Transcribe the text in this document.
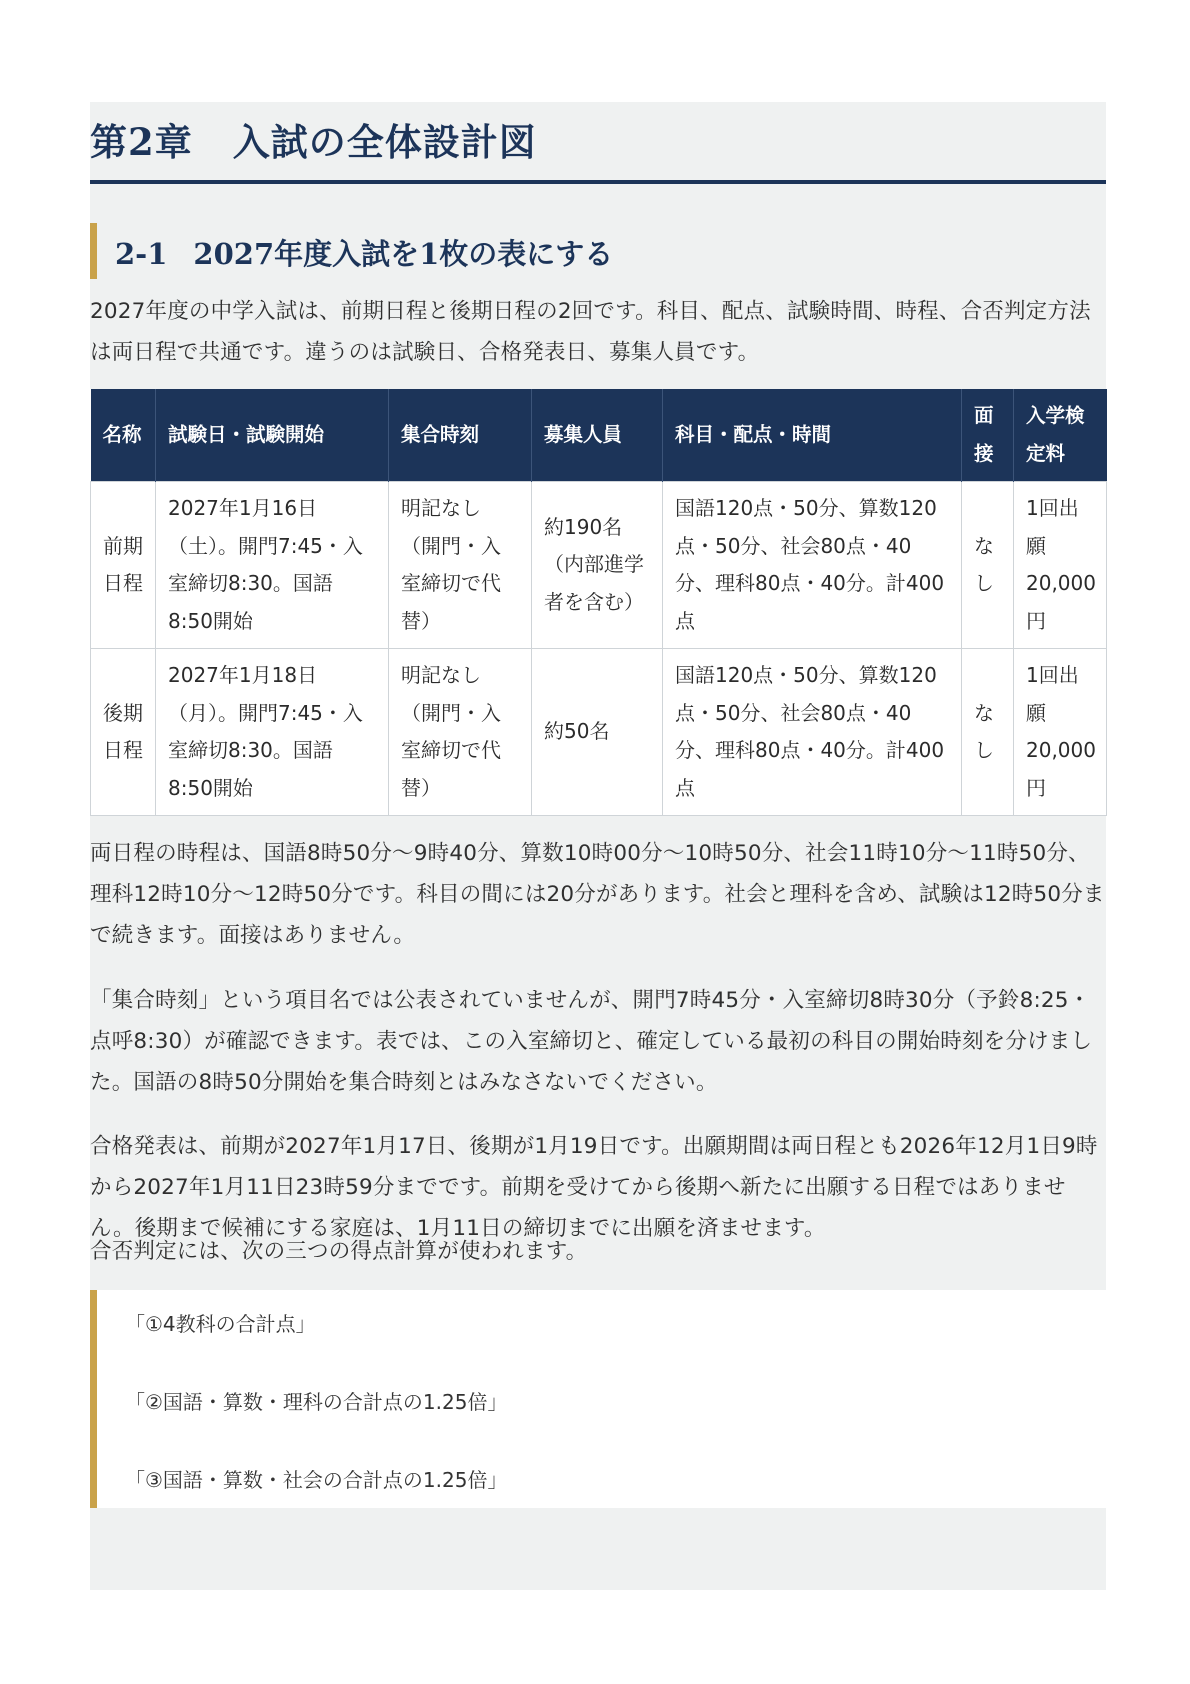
第2章 入試の全体設計図
2-1 2027年度入試を1枚の表にする

2027年度の中学入試は、前期日程と後期日程の2回です。科目、配点、試験時間、時程、合否判定方法は両日程で共通です。違うのは試験日、合格発表日、募集人員です。

名称	試験日・試験開始	集合時刻	募集人員	科目・配点・時間	面接	入学検定料
前期日程	2027年1月16日（土）。開門7:45・入室締切8:30。国語8:50開始	明記なし（開門・入室締切で代替）	約190名（内部進学者を含む）	国語120点・50分、算数120点・50分、社会80点・40分、理科80点・40分。計400点	なし	1回出願20,000円
後期日程	2027年1月18日（月）。開門7:45・入室締切8:30。国語8:50開始	明記なし（開門・入室締切で代替）	約50名	国語120点・50分、算数120点・50分、社会80点・40分、理科80点・40分。計400点	なし	1回出願20,000円

両日程の時程は、国語8時50分〜9時40分、算数10時00分〜10時50分、社会11時10分〜11時50分、理科12時10分〜12時50分です。科目の間には20分があります。社会と理科を含め、試験は12時50分まで続きます。面接はありません。

「集合時刻」という項目名では公表されていませんが、開門7時45分・入室締切8時30分（予鈴8:25・点呼8:30）が確認できます。表では、この入室締切と、確定している最初の科目の開始時刻を分けました。国語の8時50分開始を集合時刻とはみなさないでください。

合格発表は、前期が2027年1月17日、後期が1月19日です。出願期間は両日程とも2026年12月1日9時から2027年1月11日23時59分までです。前期を受けてから後期へ新たに出願する日程ではありません。後期まで候補にする家庭は、1月11日の締切までに出願を済ませます。

合否判定には、次の三つの得点計算が使われます。

「①4教科の合計点」

「②国語・算数・理科の合計点の1.25倍」

「③国語・算数・社会の合計点の1.25倍」
